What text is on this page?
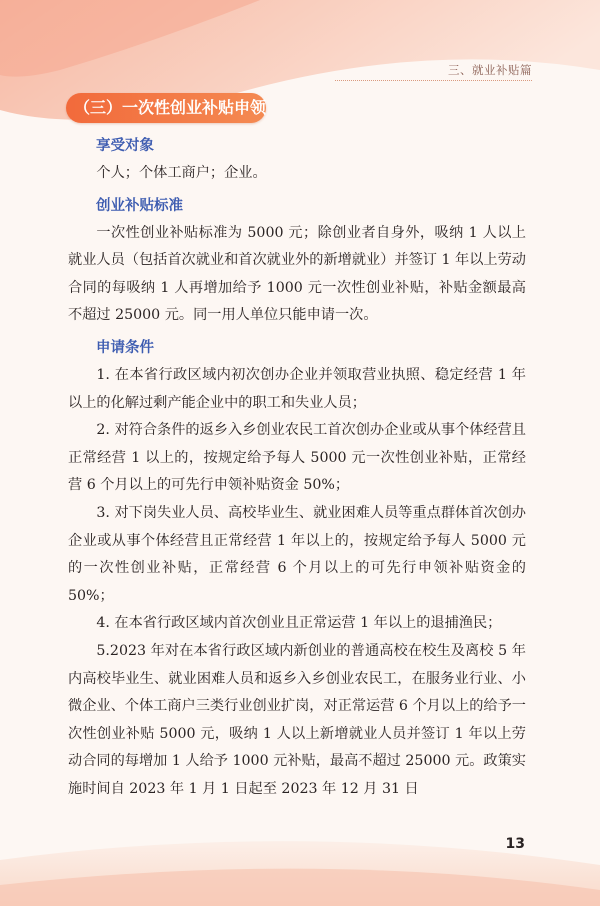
三、就业补贴篇
（三）一次性创业补贴申领
享受对象

个人；个体工商户；企业。

创业补贴标准

一次性创业补贴标准为 5000 元；除创业者自身外，吸纳 1 人以上就业人员（包括首次就业和首次就业外的新增就业）并签订 1 年以上劳动合同的每吸纳 1 人再增加给予 1000 元一次性创业补贴，补贴金额最高不超过 25000 元。同一用人单位只能申请一次。

申请条件

1. 在本省行政区域内初次创办企业并领取营业执照、稳定经营 1 年以上的化解过剩产能企业中的职工和失业人员；

2. 对符合条件的返乡入乡创业农民工首次创办企业或从事个体经营且正常经营 1 以上的，按规定给予每人 5000 元一次性创业补贴，正常经营 6 个月以上的可先行申领补贴资金 50%；

3. 对下岗失业人员、高校毕业生、就业困难人员等重点群体首次创办企业或从事个体经营且正常经营 1 年以上的，按规定给予每人 5000 元的一次性创业补贴，正常经营 6 个月以上的可先行申领补贴资金的 50%；

4. 在本省行政区域内首次创业且正常运营 1 年以上的退捕渔民；

5.2023 年对在本省行政区域内新创业的普通高校在校生及离校 5 年内高校毕业生、就业困难人员和返乡入乡创业农民工，在服务业行业、小微企业、个体工商户三类行业创业扩岗，对正常运营 6 个月以上的给予一次性创业补贴 5000 元，吸纳 1 人以上新增就业人员并签订 1 年以上劳动合同的每增加 1 人给予 1000 元补贴，最高不超过 25000 元。政策实施时间自 2023 年 1 月 1 日起至 2023 年 12 月 31 日

13
